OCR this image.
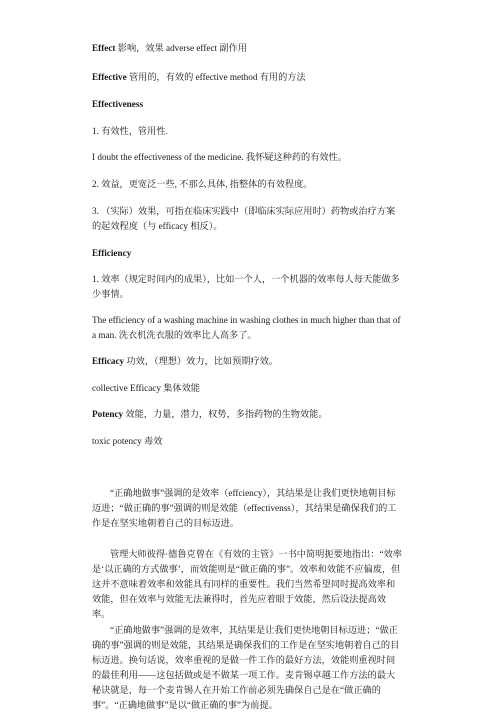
Effect 影响，效果 adverse effect 副作用

Effective 管用的，有效的 effective method 有用的方法

Effectiveness

1. 有效性，管用性.

I doubt the effectiveness of the medicine. 我怀疑这种药的有效性。

2. 效益，更宽泛一些, 不那么具体, 指整体的有效程度。

3. （实际）效果，可指在临床实践中（即临床实际应用时）药物或治疗方案的起效程度（与 efficacy 相反）。

Efficiency

1. 效率（规定时间内的成果），比如一个人，一个机器的效率每人每天能做多少事情。

The efficiency of a washing machine in washing clothes in much higher than that of a man. 洗衣机洗衣服的效率比人高多了。

Efficacy 功效，（理想）效力，比如预期疗效。

collective Efficacy 集体效能

Potency 效能，力量，潜力，权势，多指药物的生物效能。

toxic potency 毒效

“正确地做事”强调的是效率（effciency），其结果是让我们更快地朝目标迈进；“做正确的事”强调的则是效能（effectivenss），其结果是确保我们的工作是在坚实地朝着自己的目标迈进。

管理大师彼得·德鲁克曾在《有效的主管》一书中简明扼要地指出：“效率是‘以正确的方式做事’，而效能则是“做正确的事”。效率和效能不应偏废，但这并不意味着效率和效能具有同样的重要性。我们当然希望同时提高效率和效能，但在效率与效能无法兼得时，首先应着眼于效能，然后设法提高效率。

“正确地做事”强调的是效率，其结果是让我们更快地朝目标迈进；“做正确的事”强调的则是效能，其结果是确保我们的工作是在坚实地朝着自己的目标迈进。换句话说，效率重视的是做一件工作的最好方法，效能则重视时间的最佳利用——这包括做或是不做某一项工作。麦肯锡卓越工作方法的最大秘诀就是，每一个麦肯锡人在开始工作前必须先确保自己是在“做正确的事”。“正确地做事”是以“做正确的事”为前提。
